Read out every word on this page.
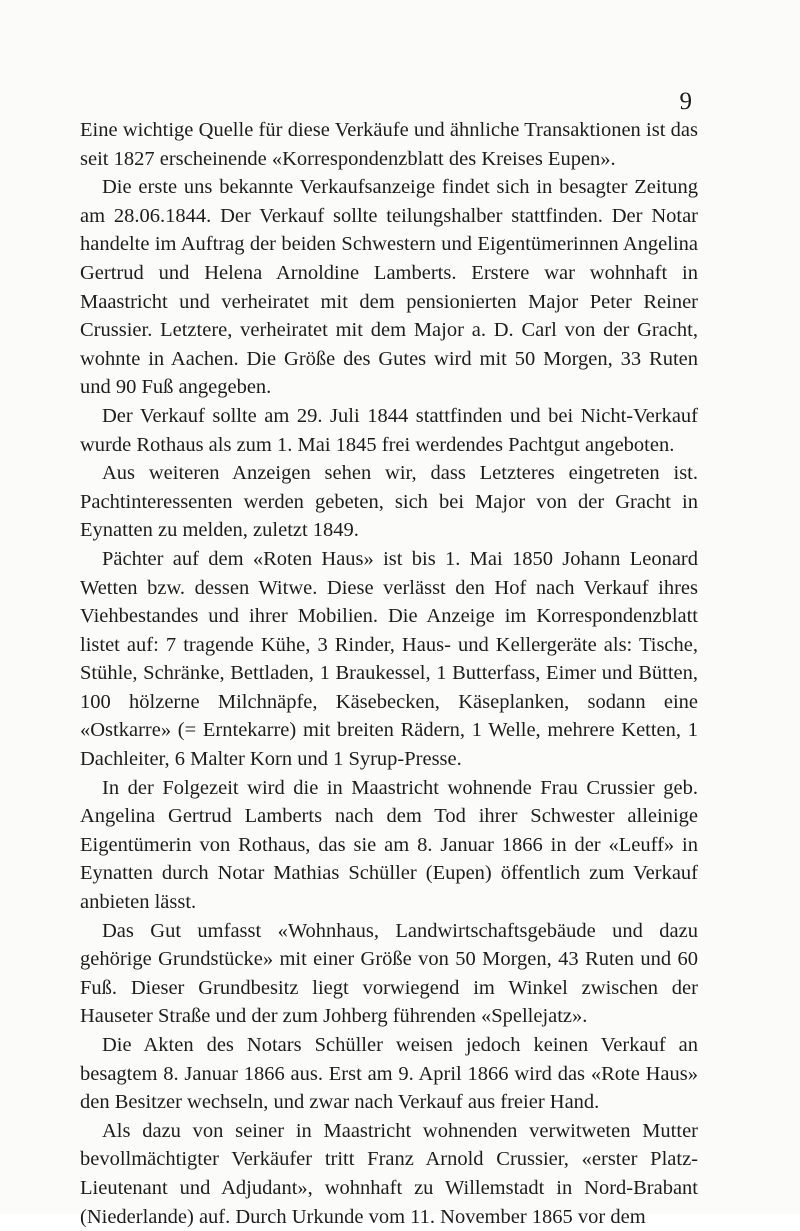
9

Eine wichtige Quelle für diese Verkäufe und ähnliche Transaktionen ist das seit 1827 erscheinende «Korrespondenzblatt des Kreises Eupen».

Die erste uns bekannte Verkaufsanzeige findet sich in besagter Zeitung am 28.06.1844. Der Verkauf sollte teilungshalber stattfinden. Der Notar handelte im Auftrag der beiden Schwestern und Eigentümerinnen Angelina Gertrud und Helena Arnoldine Lamberts. Erstere war wohnhaft in Maastricht und verheiratet mit dem pensionierten Major Peter Reiner Crussier. Letztere, verheiratet mit dem Major a. D. Carl von der Gracht, wohnte in Aachen. Die Größe des Gutes wird mit 50 Morgen, 33 Ruten und 90 Fuß angegeben.

Der Verkauf sollte am 29. Juli 1844 stattfinden und bei Nicht-Verkauf wurde Rothaus als zum 1. Mai 1845 frei werdendes Pachtgut angeboten.

Aus weiteren Anzeigen sehen wir, dass Letzteres eingetreten ist. Pachtinteressenten werden gebeten, sich bei Major von der Gracht in Eynatten zu melden, zuletzt 1849.

Pächter auf dem «Roten Haus» ist bis 1. Mai 1850 Johann Leonard Wetten bzw. dessen Witwe. Diese verlässt den Hof nach Verkauf ihres Viehbestandes und ihrer Mobilien. Die Anzeige im Korrespondenzblatt listet auf: 7 tragende Kühe, 3 Rinder, Haus- und Kellergeräte als: Tische, Stühle, Schränke, Bettladen, 1 Braukessel, 1 Butterfass, Eimer und Bütten, 100 hölzerne Milchnäpfe, Käsebecken, Käseplanken, sodann eine «Ostkarre» (= Erntekarre) mit breiten Rädern, 1 Welle, mehrere Ketten, 1 Dachleiter, 6 Malter Korn und 1 Syrup-Presse.

In der Folgezeit wird die in Maastricht wohnende Frau Crussier geb. Angelina Gertrud Lamberts nach dem Tod ihrer Schwester alleinige Eigentümerin von Rothaus, das sie am 8. Januar 1866 in der «Leuff» in Eynatten durch Notar Mathias Schüller (Eupen) öffentlich zum Verkauf anbieten lässt.

Das Gut umfasst «Wohnhaus, Landwirtschaftsgebäude und dazu gehörige Grundstücke» mit einer Größe von 50 Morgen, 43 Ruten und 60 Fuß. Dieser Grundbesitz liegt vorwiegend im Winkel zwischen der Hauseter Straße und der zum Johberg führenden «Spellejatz».

Die Akten des Notars Schüller weisen jedoch keinen Verkauf an besagtem 8. Januar 1866 aus. Erst am 9. April 1866 wird das «Rote Haus» den Besitzer wechseln, und zwar nach Verkauf aus freier Hand.

Als dazu von seiner in Maastricht wohnenden verwitweten Mutter bevollmächtigter Verkäufer tritt Franz Arnold Crussier, «erster Platz-Lieutenant und Adjudant», wohnhaft zu Willemstadt in Nord-Brabant (Niederlande) auf. Durch Urkunde vom 11. November 1865 vor dem
